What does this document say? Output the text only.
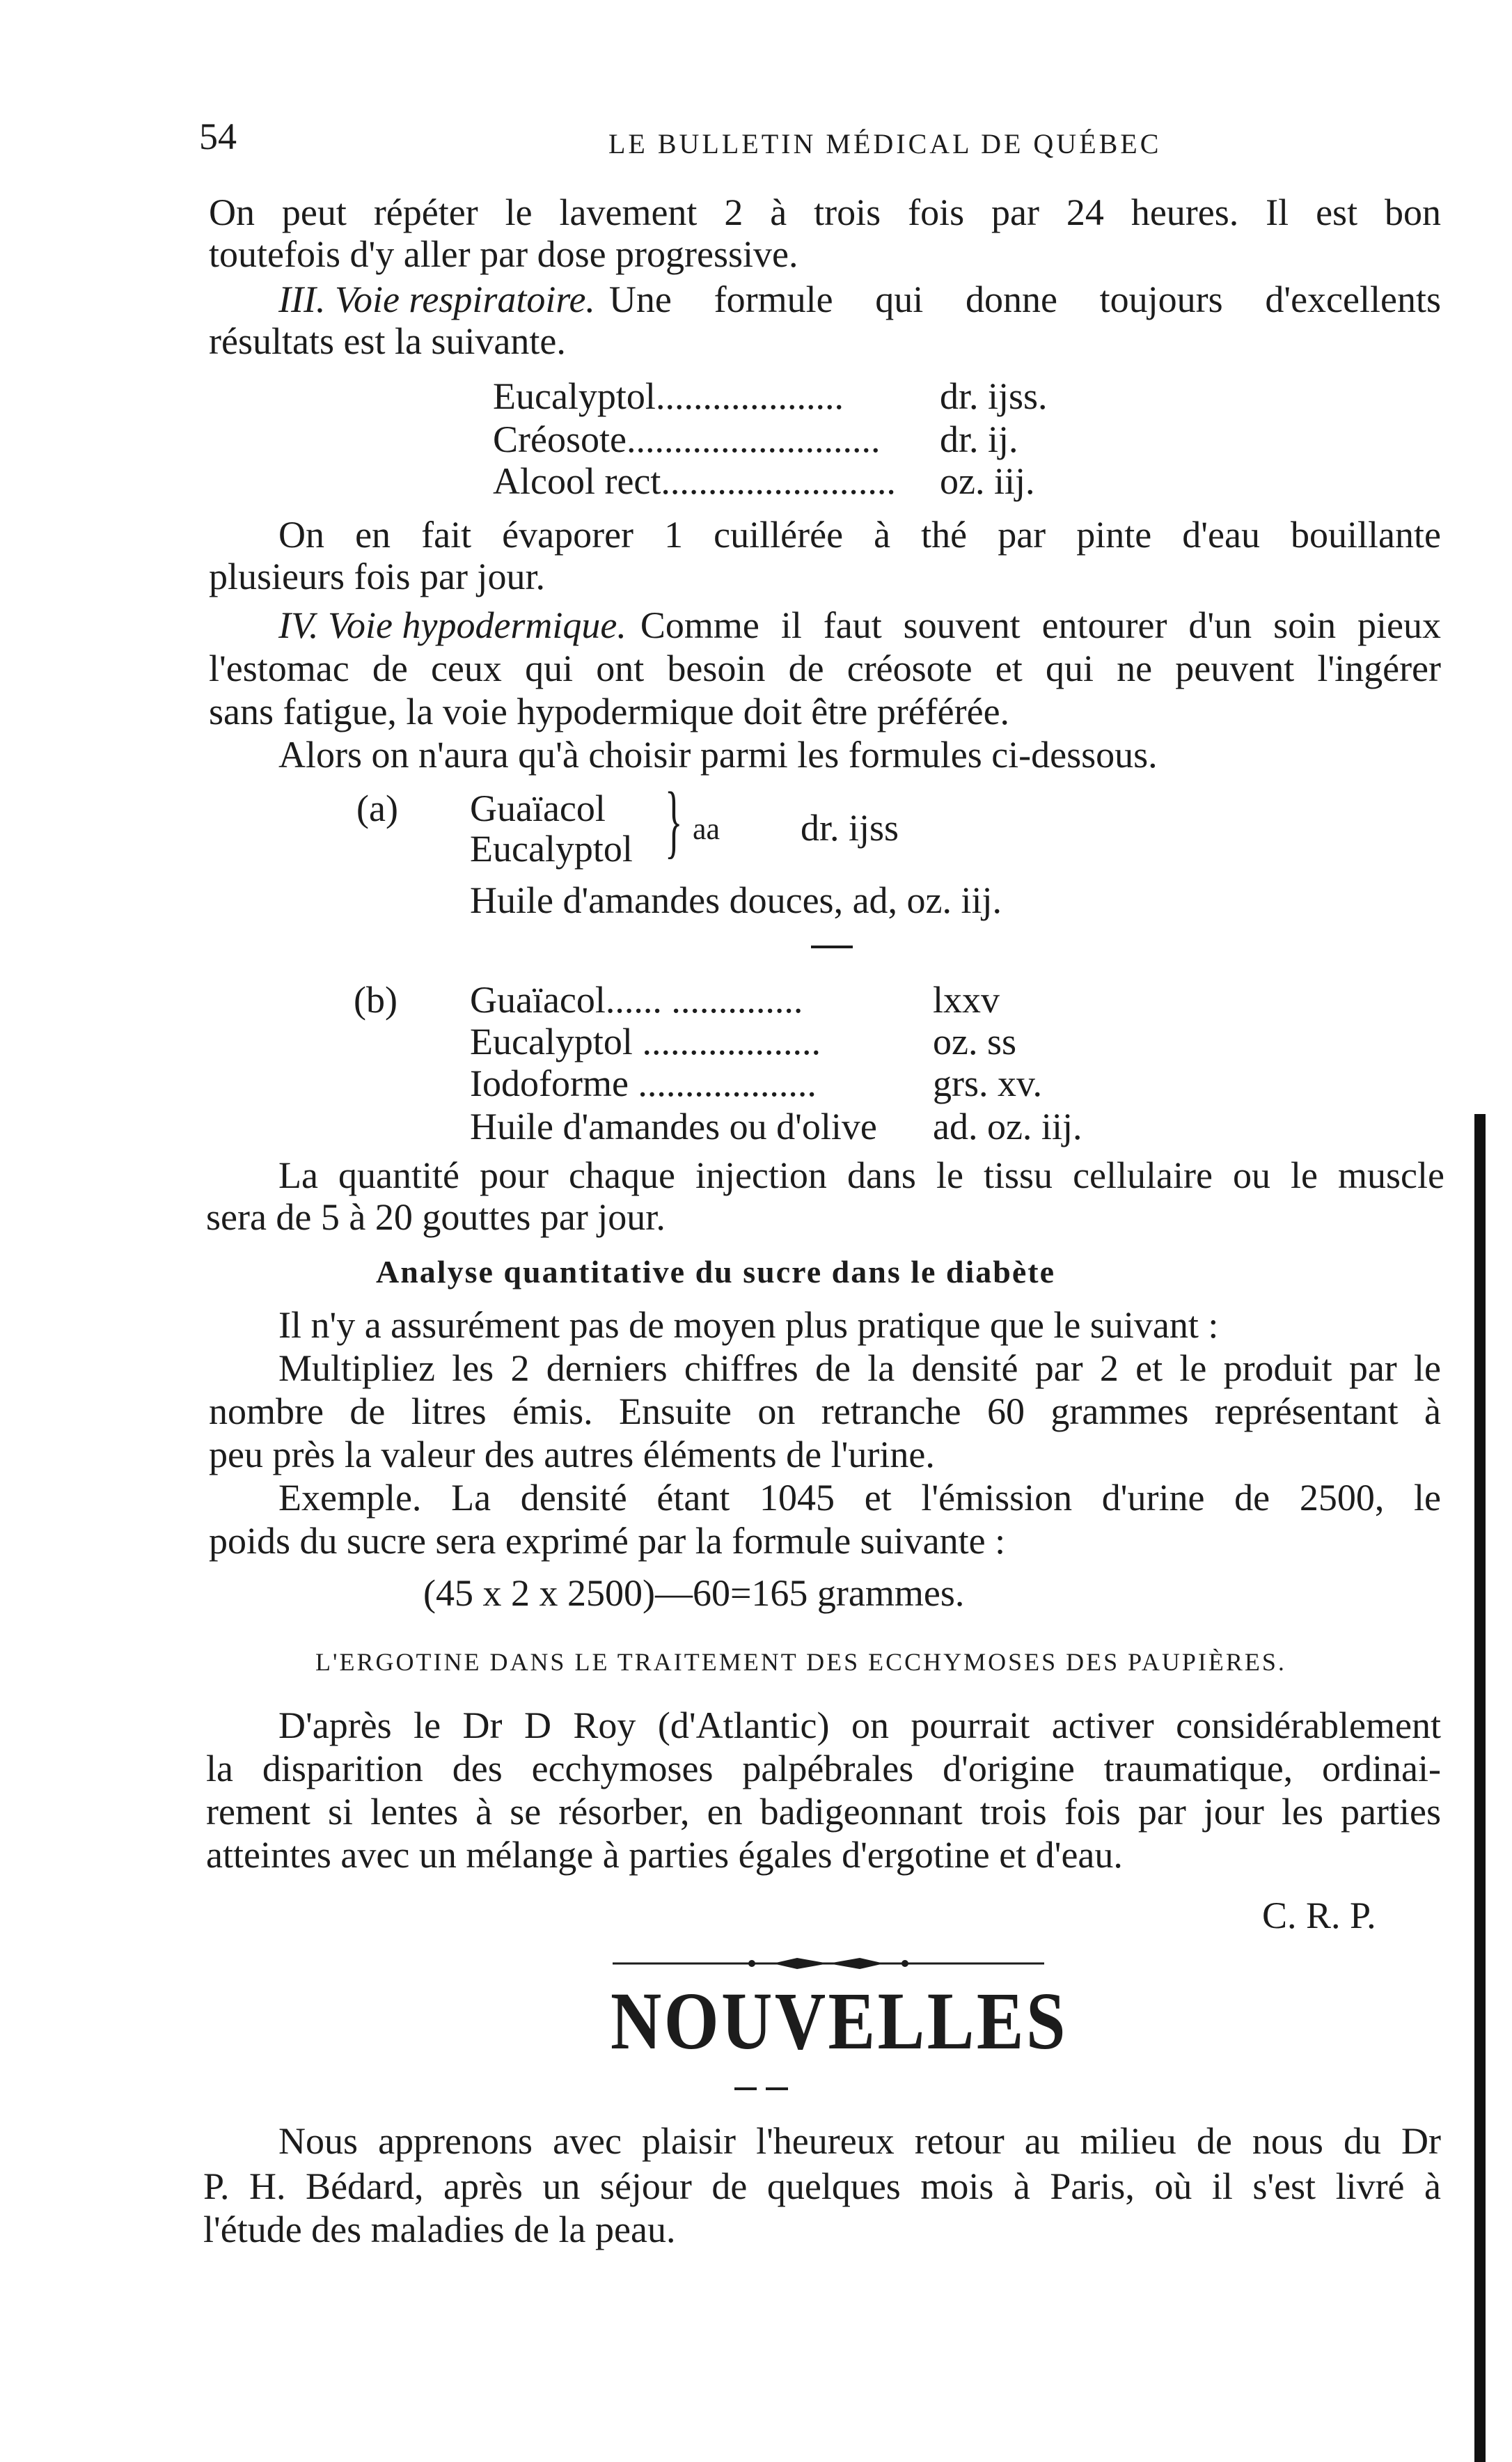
54	LE BULLETIN MÉDICAL DE QUÉBEC
On peut répéter le lavement 2 à trois fois par 24 heures. Il est bon
toutefois d'y aller par dose progressive.
III. Voie respiratoire. Une formule qui donne toujours d'excellents
résultats est la suivante.
Eucalyptol....................	dr. ijss.
Créosote........................... dr. ij.
Alcool rect......................... oz. iij.
On en fait évaporer 1 cuillérée à thé par pinte d'eau bouillante
plusieurs fois par jour.
IV. Voie hypodermique. Comme il faut souvent entourer d'un soin pieux
l'estomac de ceux qui ont besoin de créosote et qui ne peuvent l'ingérer
sans fatigue, la voie hypodermique doit être préférée.
Alors on n'aura qu'à choisir parmi les formules ci-dessous.
(a) Guaïacol
Eucalyptol } aa dr. ijss
Huile d'amandes douces, ad, oz. iij.
(b) Guaïacol...... ..............	lxxv
Eucalyptol ...................	oz. ss
Iodoforme ...................	grs. xv.
Huile d'amandes ou d'olive ad. oz. iij.
La quantité pour chaque injection dans le tissu cellulaire ou le muscle
sera de 5 à 20 gouttes par jour.
Analyse quantitative du sucre dans le diabète
Il n'y a assurément pas de moyen plus pratique que le suivant :
Multipliez les 2 derniers chiffres de la densité par 2 et le produit par le
nombre de litres émis. Ensuite on retranche 60 grammes représentant à
peu près la valeur des autres éléments de l'urine.
Exemple. La densité étant 1045 et l'émission d'urine de 2500, le
poids du sucre sera exprimé par la formule suivante :
(45 x 2 x 2500)—60=165 grammes.
L'ERGOTINE DANS LE TRAITEMENT DES ECCHYMOSES DES PAUPIÈRES.
D'après le Dr D Roy (d'Atlantic) on pourrait activer considérablement
la disparition des ecchymoses palpébrales d'origine traumatique, ordinai-
rement si lentes à se résorber, en badigeonnant trois fois par jour les parties
atteintes avec un mélange à parties égales d'ergotine et d'eau.
C. R. P.
NOUVELLES
Nous apprenons avec plaisir l'heureux retour au milieu de nous du Dr
P. H. Bédard, après un séjour de quelques mois à Paris, où il s'est livré à
l'étude des maladies de la peau.
